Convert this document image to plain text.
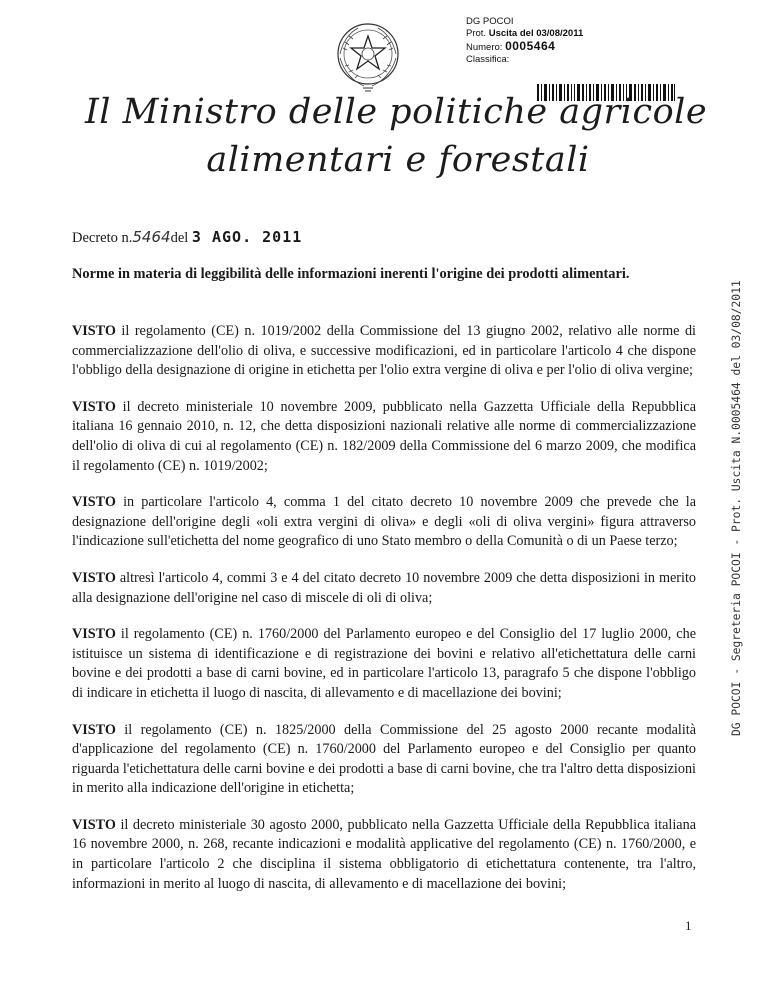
DG POCOI
Prot. Uscita del 03/08/2011
Numero: 0005464
Classifica:
Il Ministro delle politiche agricole
alimentari e forestali
Decreto n.5464del 3 AGO. 2011
Norme in materia di leggibilità delle informazioni inerenti l'origine dei prodotti alimentari.

VISTO il regolamento (CE) n. 1019/2002 della Commissione del 13 giugno 2002, relativo alle norme di commercializzazione dell'olio di oliva, e successive modificazioni, ed in particolare l'articolo 4 che dispone l'obbligo della designazione di origine in etichetta per l'olio extra vergine di oliva e per l'olio di oliva vergine;

VISTO il decreto ministeriale 10 novembre 2009, pubblicato nella Gazzetta Ufficiale della Repubblica italiana 16 gennaio 2010, n. 12, che detta disposizioni nazionali relative alle norme di commercializzazione dell'olio di oliva di cui al regolamento (CE) n. 182/2009 della Commissione del 6 marzo 2009, che modifica il regolamento (CE) n. 1019/2002;

VISTO in particolare l'articolo 4, comma 1 del citato decreto 10 novembre 2009 che prevede che la designazione dell'origine degli «oli extra vergini di oliva» e degli «oli di oliva vergini» figura attraverso l'indicazione sull'etichetta del nome geografico di uno Stato membro o della Comunità o di un Paese terzo;

VISTO altresì l'articolo 4, commi 3 e 4 del citato decreto 10 novembre 2009 che detta disposizioni in merito alla designazione dell'origine nel caso di miscele di oli di oliva;

VISTO il regolamento (CE) n. 1760/2000 del Parlamento europeo e del Consiglio del 17 luglio 2000, che istituisce un sistema di identificazione e di registrazione dei bovini e relativo all'etichettatura delle carni bovine e dei prodotti a base di carni bovine, ed in particolare l'articolo 13, paragrafo 5 che dispone l'obbligo di indicare in etichetta il luogo di nascita, di allevamento e di macellazione dei bovini;

VISTO il regolamento (CE) n. 1825/2000 della Commissione del 25 agosto 2000 recante modalità d'applicazione del regolamento (CE) n. 1760/2000 del Parlamento europeo e del Consiglio per quanto riguarda l'etichettatura delle carni bovine e dei prodotti a base di carni bovine, che tra l'altro detta disposizioni in merito alla indicazione dell'origine in etichetta;

VISTO il decreto ministeriale 30 agosto 2000, pubblicato nella Gazzetta Ufficiale della Repubblica italiana 16 novembre 2000, n. 268, recante indicazioni e modalità applicative del regolamento (CE) n. 1760/2000, e in particolare l'articolo 2 che disciplina il sistema obbligatorio di etichettatura contenente, tra l'altro, informazioni in merito al luogo di nascita, di allevamento e di macellazione dei bovini;

DG POCOI - Segreteria POCOI - Prot. Uscita N.0005464 del 03/08/2011
1
